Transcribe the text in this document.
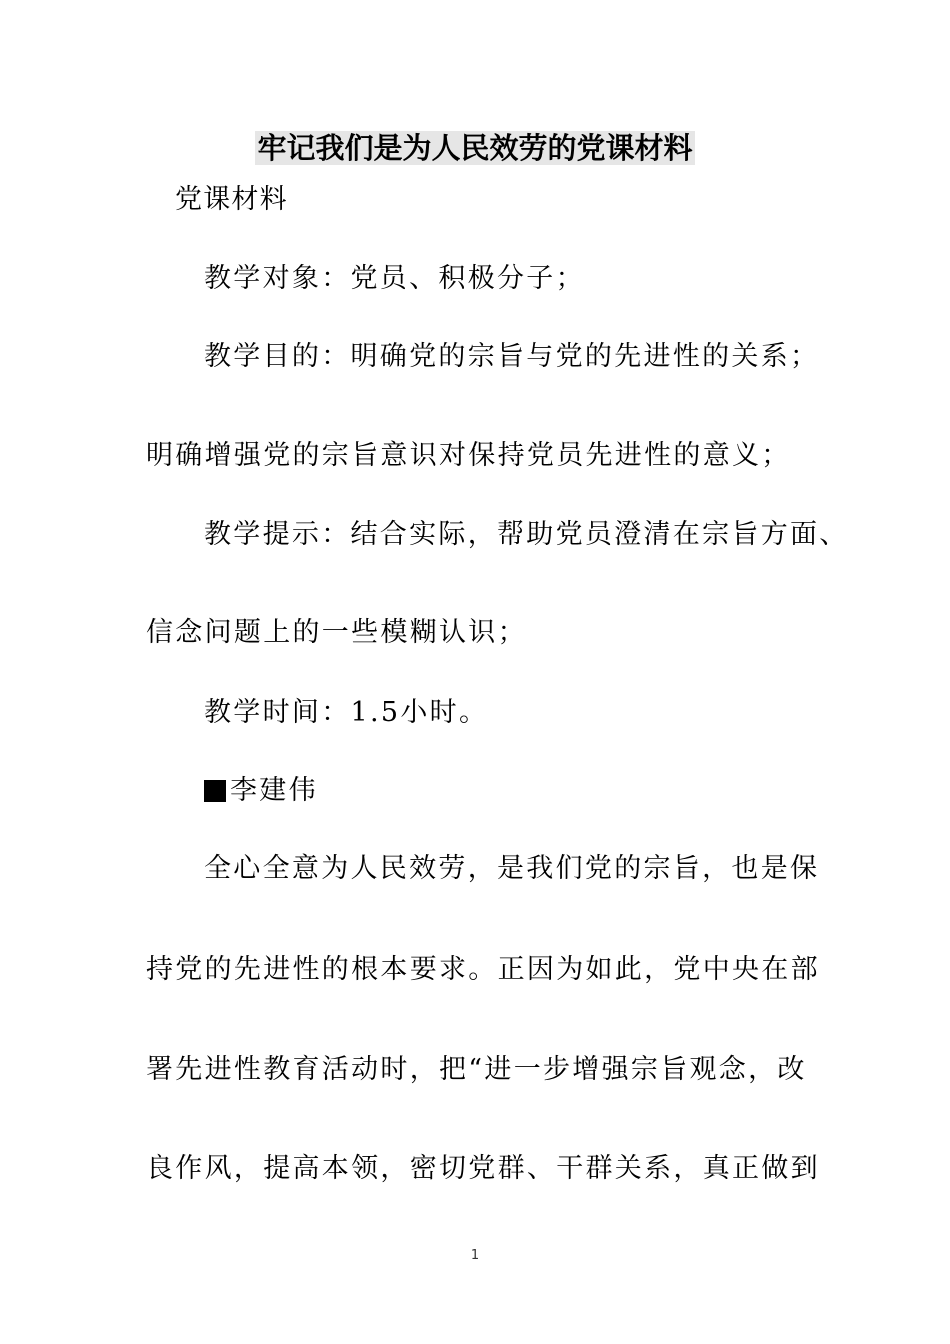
牢记我们是为人民效劳的党课材料
党课材料
教学对象：党员、积极分子；
教学目的：明确党的宗旨与党的先进性的关系；
明确增强党的宗旨意识对保持党员先进性的意义；
教学提示：结合实际，帮助党员澄清在宗旨方面、
信念问题上的一些模糊认识；
教学时间：1.5小时。
李建伟
全心全意为人民效劳，是我们党的宗旨，也是保
持党的先进性的根本要求。正因为如此，党中央在部
署先进性教育活动时，把“进一步增强宗旨观念，改
良作风，提高本领，密切党群、干群关系，真正做到
1
